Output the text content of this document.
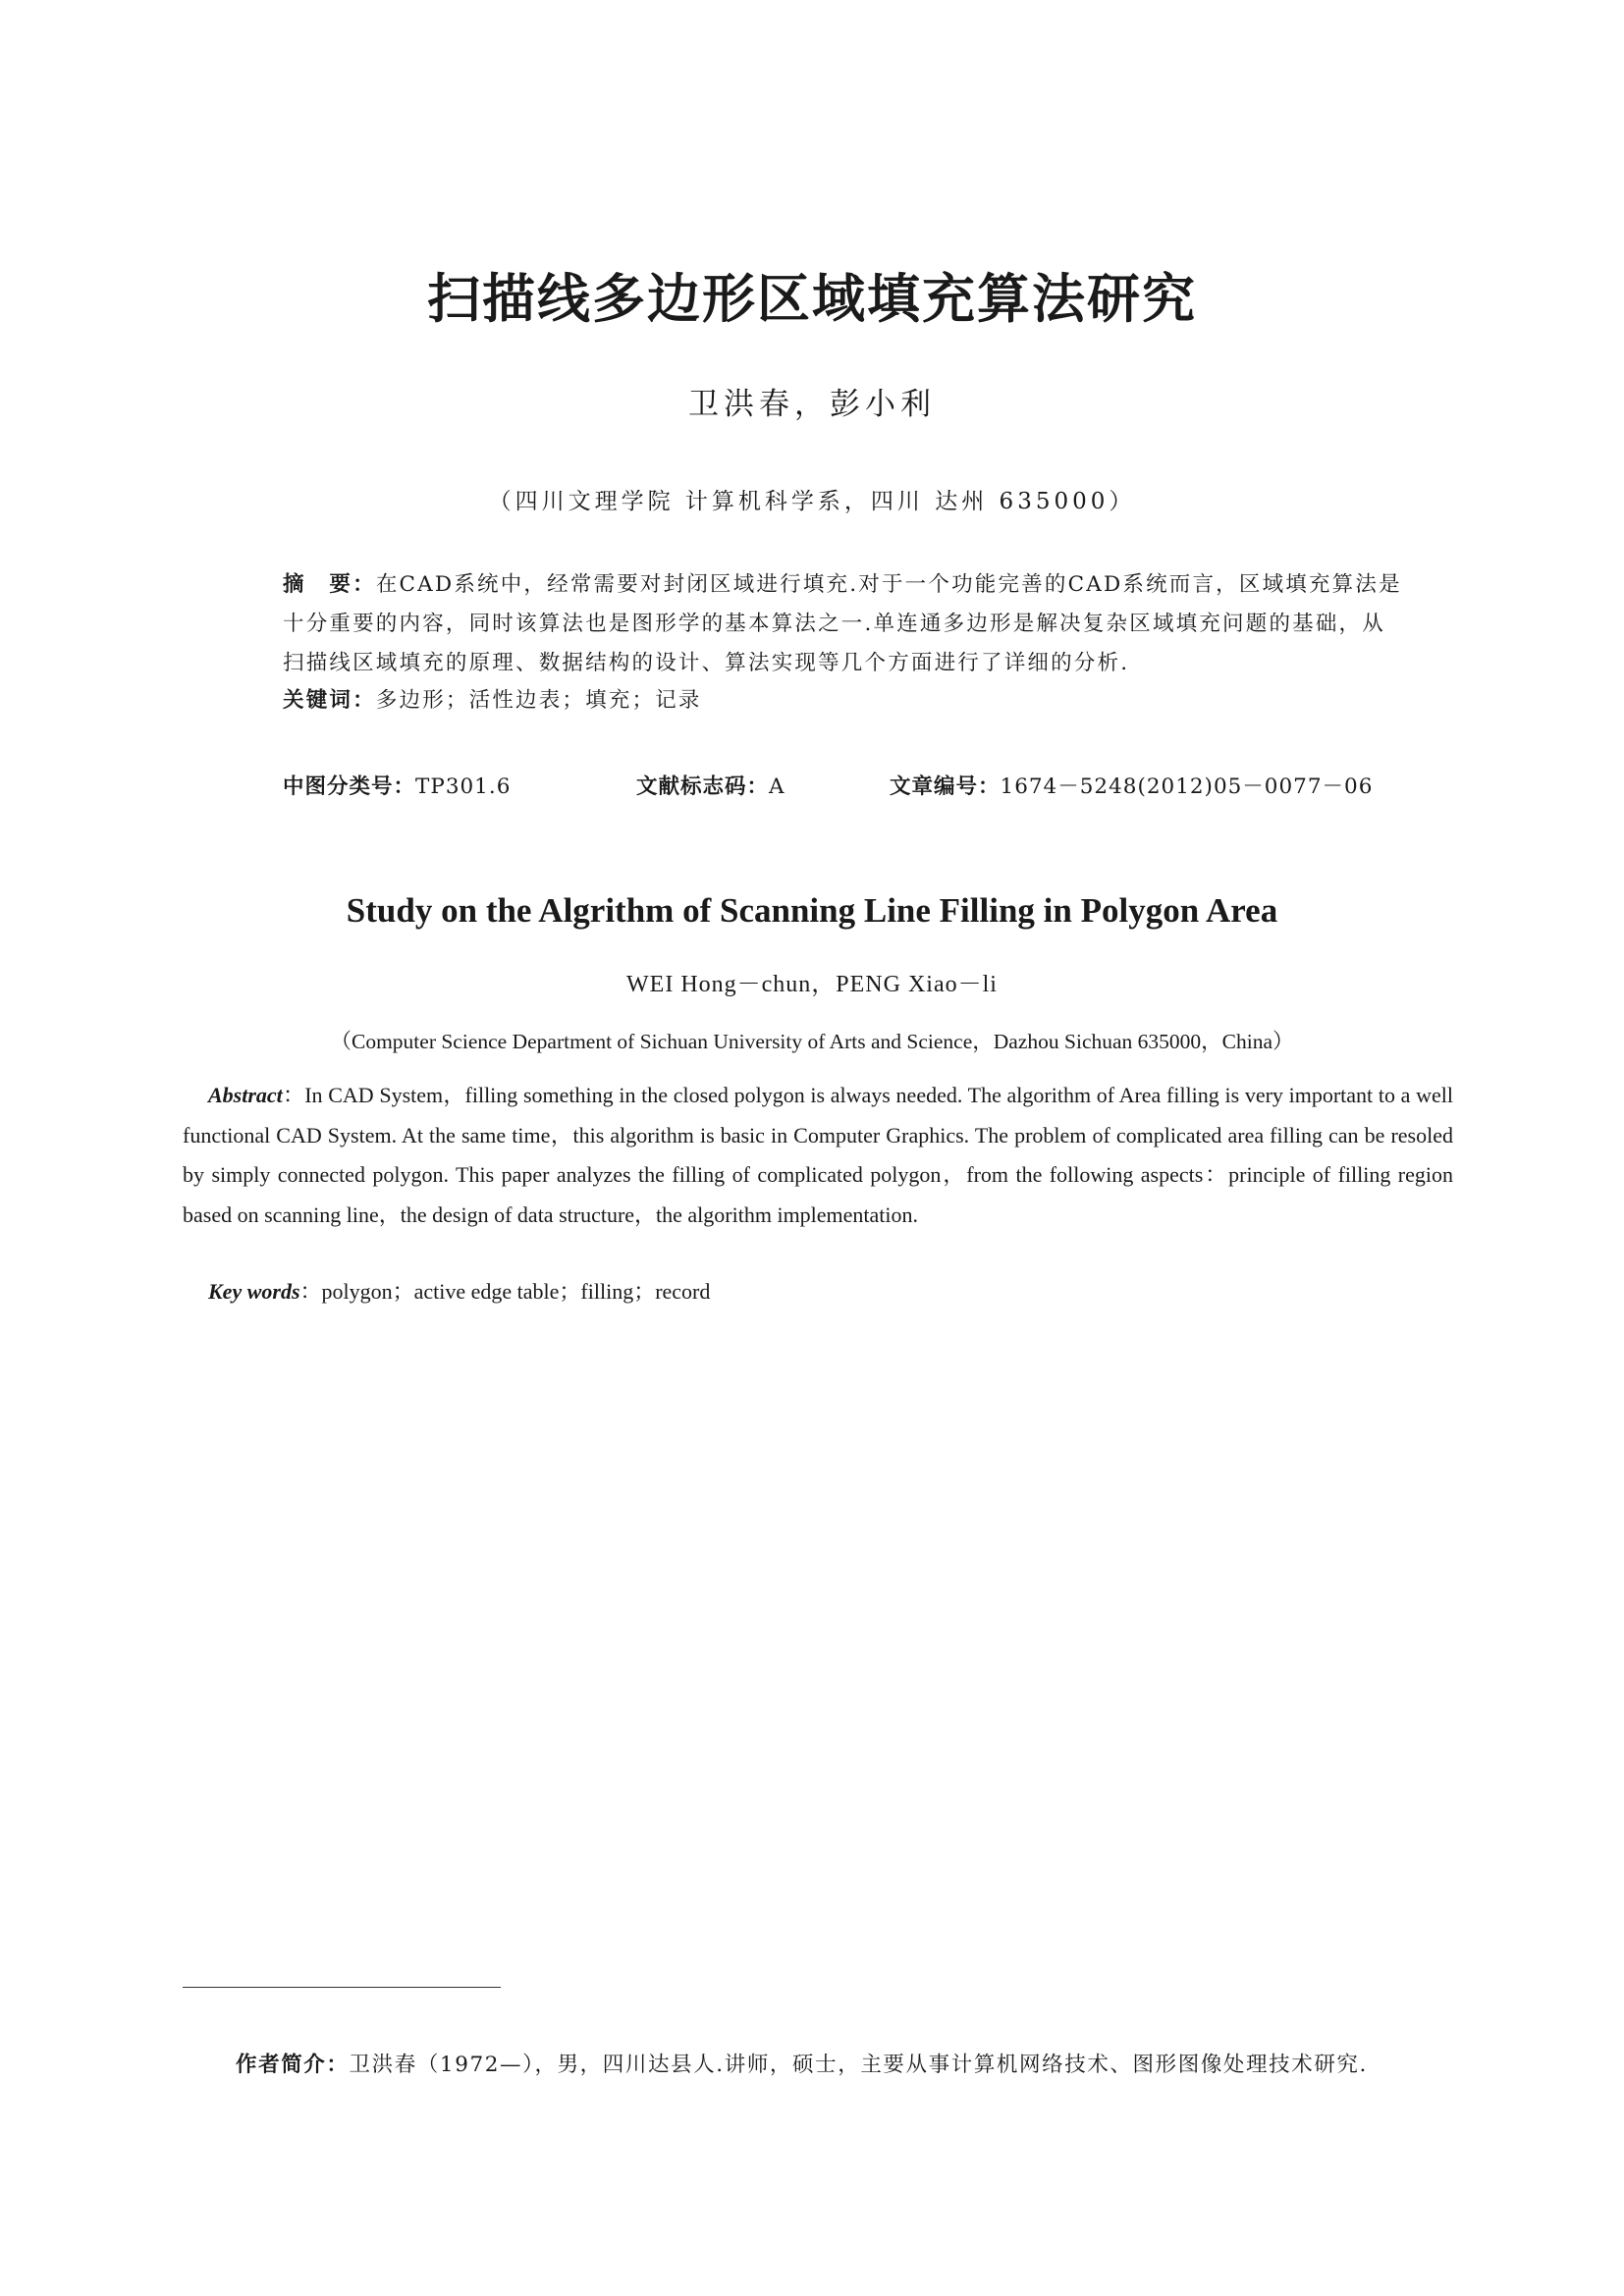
扫描线多边形区域填充算法研究
卫洪春，彭小利
（四川文理学院 计算机科学系，四川 达州 635000）
摘　要：在CAD系统中，经常需要对封闭区域进行填充.对于一个功能完善的CAD系统而言，区域填充算法是十分重要的内容，同时该算法也是图形学的基本算法之一.单连通多边形是解决复杂区域填充问题的基础，从扫描线区域填充的原理、数据结构的设计、算法实现等几个方面进行了详细的分析.
关键词：多边形；活性边表；填充；记录
中图分类号：TP301.6	文献标志码：A	文章编号：1674－5248(2012)05－0077－06
Study on the Algrithm of Scanning Line Filling in Polygon Area
WEI Hong－chun，PENG Xiao－li
（Computer Science Department of Sichuan University of Arts and Science，Dazhou Sichuan 635000，China）
Abstract：In CAD System，filling something in the closed polygon is always needed. The algorithm of Area filling is very important to a well functional CAD System. At the same time，this algorithm is basic in Computer Graphics. The problem of complicated area filling can be resoled by simply connected polygon. This paper analyzes the filling of complicated polygon，from the following aspects：principle of filling region based on scanning line，the design of data structure，the algorithm implementation.
Key words：polygon；active edge table；filling；record
作者简介：卫洪春（1972—），男，四川达县人.讲师，硕士，主要从事计算机网络技术、图形图像处理技术研究.
